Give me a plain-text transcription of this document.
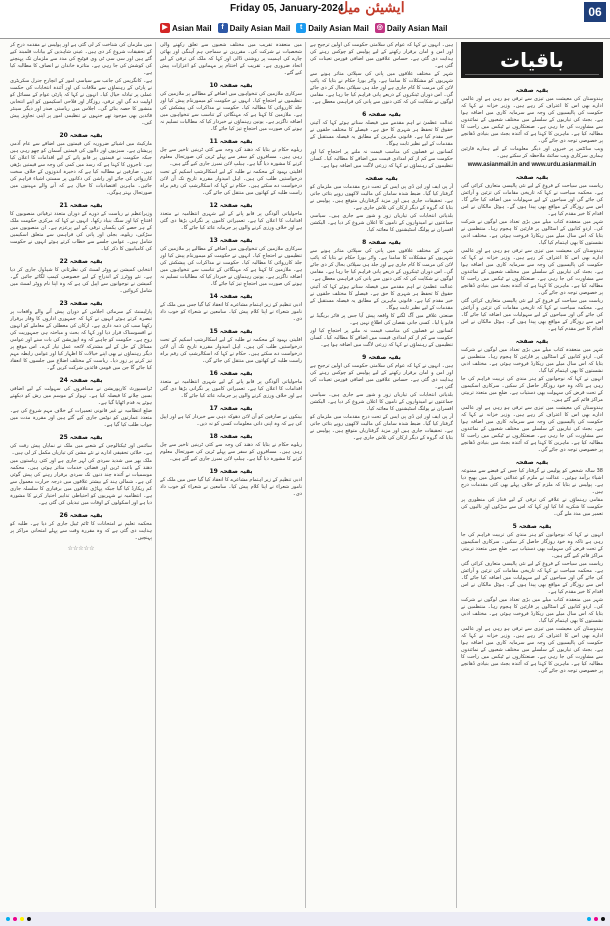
Friday 05, January-2024
ایشیئن میل	06
▶ Asian Mail	f Daily Asian Mail	t Daily Asian Mail ◎ Daily Asian Mail
باقیات
بقیہ صفحہ

ہندوستان کی معیشت میں تیزی سے ترقی ہو رہی ہے اور عالمی ادارے بھی اس کا اعتراف کر رہے ہیں۔ وزیر خزانہ نے کہا کہ حکومت کی پالیسیوں کی وجہ سے سرمایہ کاری میں اضافہ ہوا ہے۔ بجٹ کی تیاریوں کے سلسلے میں مختلف شعبوں کے نمائندوں سے مشاورت کی جا رہی ہے۔ صنعتکاروں نے ٹیکس میں راحت کا مطالبہ کیا ہے۔ ماہرین کا کہنا ہے کہ آئندہ بجٹ میں بنیادی ڈھانچے پر خصوصی توجہ دی جائے گی۔

ویب سائٹس پر خبروں اور دیگر معلومات کے لیے ہمارے قارئین ہماری سرکاری ویب سائٹ ملاحظہ کر سکتے ہیں۔

www.asianmail.in and www.urdu.asianmail.in
بقیہ صفحہ

ریاست میں سیاحت کے فروغ کے لیے نئی پالیسی متعارف کرائی گئی ہے۔ محکمہ سیاحت نے کہا کہ تاریخی مقامات کی تزئین و آرائش کی جائے گی اور سیاحوں کے لیے سہولیات میں اضافہ کیا جائے گا۔ اس سے روزگار کے مواقع بھی پیدا ہوں گے۔ ہوٹل مالکان نے اس اقدام کا خیر مقدم کیا ہے۔

شہر میں منعقدہ کتاب میلے میں بڑی تعداد میں لوگوں نے شرکت کی۔ اردو کتابوں کے اسٹالوں پر قارئین کا ہجوم رہا۔ منتظمین نے بتایا کہ اس سال میلے میں ریکارڈ فروخت ہوئی ہے۔ مختلف ادبی نشستوں کا بھی اہتمام کیا گیا۔

ہندوستان کی معیشت میں تیزی سے ترقی ہو رہی ہے اور عالمی ادارے بھی اس کا اعتراف کر رہے ہیں۔ وزیر خزانہ نے کہا کہ حکومت کی پالیسیوں کی وجہ سے سرمایہ کاری میں اضافہ ہوا ہے۔ بجٹ کی تیاریوں کے سلسلے میں مختلف شعبوں کے نمائندوں سے مشاورت کی جا رہی ہے۔ صنعتکاروں نے ٹیکس میں راحت کا مطالبہ کیا ہے۔ ماہرین کا کہنا ہے کہ آئندہ بجٹ میں بنیادی ڈھانچے پر خصوصی توجہ دی جائے گی۔

ریاست میں سیاحت کے فروغ کے لیے نئی پالیسی متعارف کرائی گئی ہے۔ محکمہ سیاحت نے کہا کہ تاریخی مقامات کی تزئین و آرائش کی جائے گی اور سیاحوں کے لیے سہولیات میں اضافہ کیا جائے گا۔ اس سے روزگار کے مواقع بھی پیدا ہوں گے۔ ہوٹل مالکان نے اس اقدام کا خیر مقدم کیا ہے۔

بقیہ صفحہ

شہر میں منعقدہ کتاب میلے میں بڑی تعداد میں لوگوں نے شرکت کی۔ اردو کتابوں کے اسٹالوں پر قارئین کا ہجوم رہا۔ منتظمین نے بتایا کہ اس سال میلے میں ریکارڈ فروخت ہوئی ہے۔ مختلف ادبی نشستوں کا بھی اہتمام کیا گیا۔

انہوں نے کہا کہ نوجوانوں کو ہنر مندی کی تربیت فراہم کی جا رہی ہے تاکہ وہ خود روزگار حاصل کر سکیں۔ سرکاری اسکیموں کے تحت قرض کی سہولت بھی دستیاب ہے۔ ضلع میں متعدد تربیتی مراکز قائم کیے گئے ہیں۔

ہندوستان کی معیشت میں تیزی سے ترقی ہو رہی ہے اور عالمی ادارے بھی اس کا اعتراف کر رہے ہیں۔ وزیر خزانہ نے کہا کہ حکومت کی پالیسیوں کی وجہ سے سرمایہ کاری میں اضافہ ہوا ہے۔ بجٹ کی تیاریوں کے سلسلے میں مختلف شعبوں کے نمائندوں سے مشاورت کی جا رہی ہے۔ صنعتکاروں نے ٹیکس میں راحت کا مطالبہ کیا ہے۔ ماہرین کا کہنا ہے کہ آئندہ بجٹ میں بنیادی ڈھانچے پر خصوصی توجہ دی جائے گی۔

بقیہ صفحہ

38 سالہ شخص کو پولیس نے گرفتار کیا جس کے قبضے سے ممنوعہ اشیاء برآمد ہوئیں۔ عدالت نے ملزم کو عدالتی تحویل میں بھیج دیا ہے۔ پولیس نے بتایا کہ ملزم کے خلاف پہلے بھی کئی مقدمات درج ہیں۔

مقامی رہنماؤں نے علاقے کی ترقی کے لیے فنڈز کی منظوری پر حکومت کا شکریہ ادا کیا اور کہا کہ اس سے سڑکوں اور نالیوں کی تعمیر میں مدد ملے گی۔

بقیہ صفحہ 5

انہوں نے کہا کہ نوجوانوں کو ہنر مندی کی تربیت فراہم کی جا رہی ہے تاکہ وہ خود روزگار حاصل کر سکیں۔ سرکاری اسکیموں کے تحت قرض کی سہولت بھی دستیاب ہے۔ ضلع میں متعدد تربیتی مراکز قائم کیے گئے ہیں۔

ریاست میں سیاحت کے فروغ کے لیے نئی پالیسی متعارف کرائی گئی ہے۔ محکمہ سیاحت نے کہا کہ تاریخی مقامات کی تزئین و آرائش کی جائے گی اور سیاحوں کے لیے سہولیات میں اضافہ کیا جائے گا۔ اس سے روزگار کے مواقع بھی پیدا ہوں گے۔ ہوٹل مالکان نے اس اقدام کا خیر مقدم کیا ہے۔

شہر میں منعقدہ کتاب میلے میں بڑی تعداد میں لوگوں نے شرکت کی۔ اردو کتابوں کے اسٹالوں پر قارئین کا ہجوم رہا۔ منتظمین نے بتایا کہ اس سال میلے میں ریکارڈ فروخت ہوئی ہے۔ مختلف ادبی نشستوں کا بھی اہتمام کیا گیا۔

ہندوستان کی معیشت میں تیزی سے ترقی ہو رہی ہے اور عالمی ادارے بھی اس کا اعتراف کر رہے ہیں۔ وزیر خزانہ نے کہا کہ حکومت کی پالیسیوں کی وجہ سے سرمایہ کاری میں اضافہ ہوا ہے۔ بجٹ کی تیاریوں کے سلسلے میں مختلف شعبوں کے نمائندوں سے مشاورت کی جا رہی ہے۔ صنعتکاروں نے ٹیکس میں راحت کا مطالبہ کیا ہے۔ ماہرین کا کہنا ہے کہ آئندہ بجٹ میں بنیادی ڈھانچے پر خصوصی توجہ دی جائے گی۔

ہیں۔ انہوں نے کہا کہ عوام کی سلامتی حکومت کی اولین ترجیح ہے اور امن و امان برقرار رکھنے کے لیے پولیس کو چوکس رہنے کی ہدایت دی گئی ہے۔ حساس علاقوں میں اضافی فورس تعینات کی گئی ہے۔

شہر کے مختلف علاقوں میں پانی کی سپلائی متاثر ہونے سے شہریوں کو مشکلات کا سامنا ہے۔ واٹر بورڈ حکام نے بتایا کہ پائپ لائن کی مرمت کا کام جاری ہے اور جلد ہی سپلائی بحال کر دی جائے گی۔ اس دوران ٹینکروں کے ذریعے پانی فراہم کیا جا رہا ہے۔ مقامی لوگوں نے شکایت کی کہ کئی دنوں سے پانی کی فراہمی معطل ہے۔

بقیہ صفحہ 6

عدالت عظمیٰ نے اہم مقدمے میں فیصلہ سناتے ہوئے کہا کہ آئینی حقوق کا تحفظ ہر شہری کا حق ہے۔ فیصلے کا مختلف حلقوں نے خیر مقدم کیا ہے۔ قانونی ماہرین کے مطابق یہ فیصلہ مستقبل کے مقدمات کے لیے نظیر ثابت ہوگا۔

کسانوں نے فصلوں کی مناسب قیمت نہ ملنے پر احتجاج کیا اور حکومت سے کم از کم امدادی قیمت میں اضافے کا مطالبہ کیا۔ کسان تنظیموں کے رہنماؤں نے کہا کہ زرعی لاگت میں اضافہ ہوا ہے۔

بقیہ صفحہ

آر پی ایف اور این ڈی پی ایس کے تحت درج مقدمات میں ملزمان کو گرفتار کیا گیا۔ ضبط شدہ سامان کی مالیت لاکھوں روپے بتائی جاتی ہے۔ تحقیقات جاری ہیں اور مزید گرفتاریاں متوقع ہیں۔ پولیس نے بتایا کہ گروہ کے دیگر ارکان کی تلاش جاری ہے۔

بلدیاتی انتخابات کی تیاریاں زور و شور سے جاری ہیں۔ سیاسی جماعتوں نے امیدواروں کے ناموں کا اعلان شروع کر دیا ہے۔ الیکشن افسران نے پولنگ اسٹیشنوں کا معائنہ کیا۔

بقیہ صفحہ 8

شہر کے مختلف علاقوں میں پانی کی سپلائی متاثر ہونے سے شہریوں کو مشکلات کا سامنا ہے۔ واٹر بورڈ حکام نے بتایا کہ پائپ لائن کی مرمت کا کام جاری ہے اور جلد ہی سپلائی بحال کر دی جائے گی۔ اس دوران ٹینکروں کے ذریعے پانی فراہم کیا جا رہا ہے۔ مقامی لوگوں نے شکایت کی کہ کئی دنوں سے پانی کی فراہمی معطل ہے۔

عدالت عظمیٰ نے اہم مقدمے میں فیصلہ سناتے ہوئے کہا کہ آئینی حقوق کا تحفظ ہر شہری کا حق ہے۔ فیصلے کا مختلف حلقوں نے خیر مقدم کیا ہے۔ قانونی ماہرین کے مطابق یہ فیصلہ مستقبل کے مقدمات کے لیے نظیر ثابت ہوگا۔

صنعتی علاقے میں آگ لگنے کا واقعہ پیش آیا جس پر فائر بریگیڈ نے قابو پا لیا۔ کسی جانی نقصان کی اطلاع نہیں ہے۔

کسانوں نے فصلوں کی مناسب قیمت نہ ملنے پر احتجاج کیا اور حکومت سے کم از کم امدادی قیمت میں اضافے کا مطالبہ کیا۔ کسان تنظیموں کے رہنماؤں نے کہا کہ زرعی لاگت میں اضافہ ہوا ہے۔

بقیہ صفحہ 9

ہیں۔ انہوں نے کہا کہ عوام کی سلامتی حکومت کی اولین ترجیح ہے اور امن و امان برقرار رکھنے کے لیے پولیس کو چوکس رہنے کی ہدایت دی گئی ہے۔ حساس علاقوں میں اضافی فورس تعینات کی گئی ہے۔

بلدیاتی انتخابات کی تیاریاں زور و شور سے جاری ہیں۔ سیاسی جماعتوں نے امیدواروں کے ناموں کا اعلان شروع کر دیا ہے۔ الیکشن افسران نے پولنگ اسٹیشنوں کا معائنہ کیا۔

آر پی ایف اور این ڈی پی ایس کے تحت درج مقدمات میں ملزمان کو گرفتار کیا گیا۔ ضبط شدہ سامان کی مالیت لاکھوں روپے بتائی جاتی ہے۔ تحقیقات جاری ہیں اور مزید گرفتاریاں متوقع ہیں۔ پولیس نے بتایا کہ گروہ کے دیگر ارکان کی تلاش جاری ہے۔

میں منعقدہ تقریب میں مختلف شعبوں سے تعلق رکھنے والی شخصیات نے شرکت کی۔ مقررین نے سماجی ہم آہنگی اور بھائی چارے کی اہمیت پر روشنی ڈالی اور کہا کہ ملک کی ترقی کے لیے اتحاد ضروری ہے۔ تقریب کے اختتام پر مہمانوں کو اعزازات پیش کیے گئے۔

بقیہ صفحہ 10

سرکاری ملازمین کی تنخواہوں میں اضافے کے مطالبے پر ملازمین کی تنظیموں نے احتجاج کیا۔ انہوں نے حکومت کو میمورنڈم پیش کیا اور جلد کارروائی کا مطالبہ کیا۔ حکومت نے مذاکرات کی پیشکش کی ہے۔ ملازمین کا کہنا ہے کہ مہنگائی کے تناسب سے تنخواہوں میں اضافہ ناگزیر ہے۔ یونین رہنماؤں نے خبردار کیا کہ مطالبات تسلیم نہ ہونے کی صورت میں احتجاج تیز کیا جائے گا۔

بقیہ صفحہ 11

ریلوے حکام نے بتایا کہ دھند کی وجہ سے کئی ٹرینیں تاخیر سے چل رہی ہیں۔ مسافروں کو سفر سے پہلے ٹرین کی صورتحال معلوم کرنے کا مشورہ دیا گیا ہے۔ ہیلپ لائن نمبرز جاری کیے گئے ہیں۔

اقلیتی بہبود کے محکمہ نے طلبہ کے لیے اسکالرشپ اسکیم کے تحت درخواستیں طلب کی ہیں۔ اہل امیدوار مقررہ تاریخ تک آن لائن درخواست دے سکتے ہیں۔ حکام نے کہا کہ اسکالرشپ کی رقم براہ راست طلبہ کے کھاتوں میں منتقل کی جائے گی۔

بقیہ صفحہ 12

ماحولیاتی آلودگی پر قابو پانے کے لیے شہری انتظامیہ نے متعدد اقدامات کا اعلان کیا ہے۔ تعمیراتی کاموں پر نگرانی بڑھا دی گئی ہے اور خلاف ورزی کرنے والوں پر جرمانہ عائد کیا جائے گا۔

بقیہ صفحہ 13

سرکاری ملازمین کی تنخواہوں میں اضافے کے مطالبے پر ملازمین کی تنظیموں نے احتجاج کیا۔ انہوں نے حکومت کو میمورنڈم پیش کیا اور جلد کارروائی کا مطالبہ کیا۔ حکومت نے مذاکرات کی پیشکش کی ہے۔ ملازمین کا کہنا ہے کہ مہنگائی کے تناسب سے تنخواہوں میں اضافہ ناگزیر ہے۔ یونین رہنماؤں نے خبردار کیا کہ مطالبات تسلیم نہ ہونے کی صورت میں احتجاج تیز کیا جائے گا۔

بقیہ صفحہ 14

ادبی تنظیم کے زیر اہتمام مشاعرے کا انعقاد کیا گیا جس میں ملک کے نامور شعراء نے اپنا کلام پیش کیا۔ سامعین نے شعراء کو خوب داد دی۔

بقیہ صفحہ 15

اقلیتی بہبود کے محکمہ نے طلبہ کے لیے اسکالرشپ اسکیم کے تحت درخواستیں طلب کی ہیں۔ اہل امیدوار مقررہ تاریخ تک آن لائن درخواست دے سکتے ہیں۔ حکام نے کہا کہ اسکالرشپ کی رقم براہ راست طلبہ کے کھاتوں میں منتقل کی جائے گی۔

بقیہ صفحہ 16

ماحولیاتی آلودگی پر قابو پانے کے لیے شہری انتظامیہ نے متعدد اقدامات کا اعلان کیا ہے۔ تعمیراتی کاموں پر نگرانی بڑھا دی گئی ہے اور خلاف ورزی کرنے والوں پر جرمانہ عائد کیا جائے گا۔

بقیہ صفحہ 17

بینکوں نے صارفین کو آن لائن دھوکہ دہی سے خبردار کیا ہے اور اپیل کی ہے کہ وہ اپنی ذاتی معلومات کسی کو نہ دیں۔

بقیہ صفحہ 18

ریلوے حکام نے بتایا کہ دھند کی وجہ سے کئی ٹرینیں تاخیر سے چل رہی ہیں۔ مسافروں کو سفر سے پہلے ٹرین کی صورتحال معلوم کرنے کا مشورہ دیا گیا ہے۔ ہیلپ لائن نمبرز جاری کیے گئے ہیں۔

بقیہ صفحہ 19

ادبی تنظیم کے زیر اہتمام مشاعرے کا انعقاد کیا گیا جس میں ملک کے نامور شعراء نے اپنا کلام پیش کیا۔ سامعین نے شعراء کو خوب داد دی۔

میں ملزمان کی شناخت کر لی گئی ہے اور پولیس نے مقدمہ درج کر کے تحقیقات شروع کر دی ہیں۔ عینی شاہدین کے بیانات قلمبند کیے گئے ہیں اور سی سی ٹی وی فوٹیج کی مدد سے ملزمان تک پہنچنے کی کوشش کی جا رہی ہے۔ متاثرہ خاندان نے انصاف کا مطالبہ کیا ہے۔

ہے۔ کانگریس کی جانب سے سیاسی امور کے انچارج جنرل سکریٹری نے پارٹی کے رہنماؤں سے ملاقات کی اور آئندہ انتخابات کی حکمت عملی پر تبادلہ خیال کیا۔ انہوں نے کہا کہ پارٹی عوام کے مسائل کو اولیت دے گی اور ترقی، روزگار اور فلاحی اسکیموں کو اپنے انتخابی منشور کا حصہ بنائے گی۔ اجلاس میں ریاستی صدر اور دیگر سینئر قائدین بھی موجود تھے جنہوں نے تنظیمی امور پر اپنی تجاویز پیش کیں۔

بقیہ صفحہ 20

مارکیٹ میں اشیائے ضروریہ کی قیمتوں میں اضافے سے عام آدمی پریشان ہے۔ سبزیوں اور دالوں کی قیمتیں آسمان کو چھو رہی ہیں جبکہ حکومت نے قیمتوں پر قابو پانے کے لیے اقدامات کا اعلان کیا ہے۔ تاجروں کا کہنا ہے کہ رسد میں کمی کی وجہ سے قیمتیں بڑھی ہیں۔ صارفین نے مطالبہ کیا ہے کہ ذخیرہ اندوزوں کے خلاف سخت کارروائی کی جائے اور راشن کی دکانوں پر سستی اشیاء فراہم کی جائیں۔ ماہرین اقتصادیات کا خیال ہے کہ آنے والے مہینوں میں صورتحال بہتر ہوگی۔

بقیہ صفحہ 21

وزیراعظم نے ریاست کے دورے کے دوران متعدد ترقیاتی منصوبوں کا افتتاح کیا اور سنگ بنیاد رکھا۔ انہوں نے کہا کہ مرکزی حکومت ملک کے ہر حصے کی یکساں ترقی کے لیے پرعزم ہے۔ ان منصوبوں میں سڑکیں، ریلوے، بجلی اور پانی کی فراہمی سے متعلق اسکیمیں شامل ہیں۔ عوامی جلسے سے خطاب کرتے ہوئے انہوں نے حکومت کی کامیابیوں کا ذکر کیا۔

بقیہ صفحہ 22

انتخابی کمیشن نے ووٹر لسٹ کی نظرثانی کا شیڈول جاری کر دیا ہے۔ نئے ووٹرز کے اندراج کے لیے خصوصی کیمپ لگائے جائیں گے۔ کمیشن نے نوجوانوں سے اپیل کی ہے کہ وہ اپنا نام ووٹر لسٹ میں شامل کروائیں۔

بقیہ صفحہ 23

پارلیمنٹ کے سرمائی اجلاس کے دوران پیش آنے والے واقعات پر تبصرہ کرتے ہوئے انہوں نے کہا کہ جمہوری اداروں کا وقار برقرار رکھنا سب کی ذمہ داری ہے۔ ارکان کی معطلی کے معاملے کو انہوں نے افسوسناک قرار دیا اور کہا کہ بحث و مباحثہ ہی جمہوریت کی روح ہے۔ حکومت کو چاہیے کہ وہ اپوزیشن کی بات سنے اور عوامی مسائل کے حل کے لیے مشترکہ لائحہ عمل تیار کرے۔ اس موقع پر دیگر رہنماؤں نے بھی اپنے خیالات کا اظہار کیا اور عوامی رابطہ مہم تیز کرنے پر زور دیا۔ ریاست کے مختلف اضلاع میں جلسوں کا انعقاد کیا جائے گا جن میں قومی قائدین شرکت کریں گے۔

بقیہ صفحہ 24

ٹرانسپورٹ کارپوریشن نے مسافروں کی سہولت کے لیے اضافی بسیں چلانے کا فیصلہ کیا ہے۔ تہوار کے موسم میں رش کو دیکھتے ہوئے یہ قدم اٹھایا گیا ہے۔

ضلع انتظامیہ نے غیر قانونی تعمیرات کے خلاف مہم شروع کی ہے۔ متعدد عمارتوں کو نوٹس جاری کیے گئے ہیں اور مقررہ مدت میں جواب طلب کیا گیا ہے۔

بقیہ صفحہ 25

سائنس اور ٹیکنالوجی کے شعبے میں ملک نے نمایاں پیش رفت کی ہے۔ خلائی تحقیقی ادارے نے نئے مشن کی تیاریاں مکمل کر لی ہیں۔

ملک بھر میں شدید سردی کی لہر جاری ہے اور کئی ریاستوں میں دھند کے باعث ٹرین اور فضائی خدمات متاثر ہوئی ہیں۔ محکمہ موسمیات نے آئندہ چند دنوں تک سردی برقرار رہنے کی پیش گوئی کی ہے۔ شمالی ہند کے بیشتر علاقوں میں درجہ حرارت معمول سے کم ریکارڈ کیا گیا جبکہ پہاڑی علاقوں میں برفباری کا سلسلہ جاری ہے۔ انتظامیہ نے شہریوں کو احتیاطی تدابیر اختیار کرنے کا مشورہ دیا ہے اور اسکولوں کے اوقات میں تبدیلی کی گئی ہے۔

بقیہ صفحہ 26

محکمہ تعلیم نے امتحانات کا ٹائم ٹیبل جاری کر دیا ہے۔ طلبہ کو ہدایت دی گئی ہے کہ وہ مقررہ وقت سے پہلے امتحانی مراکز پر پہنچیں۔

☆☆☆☆☆
